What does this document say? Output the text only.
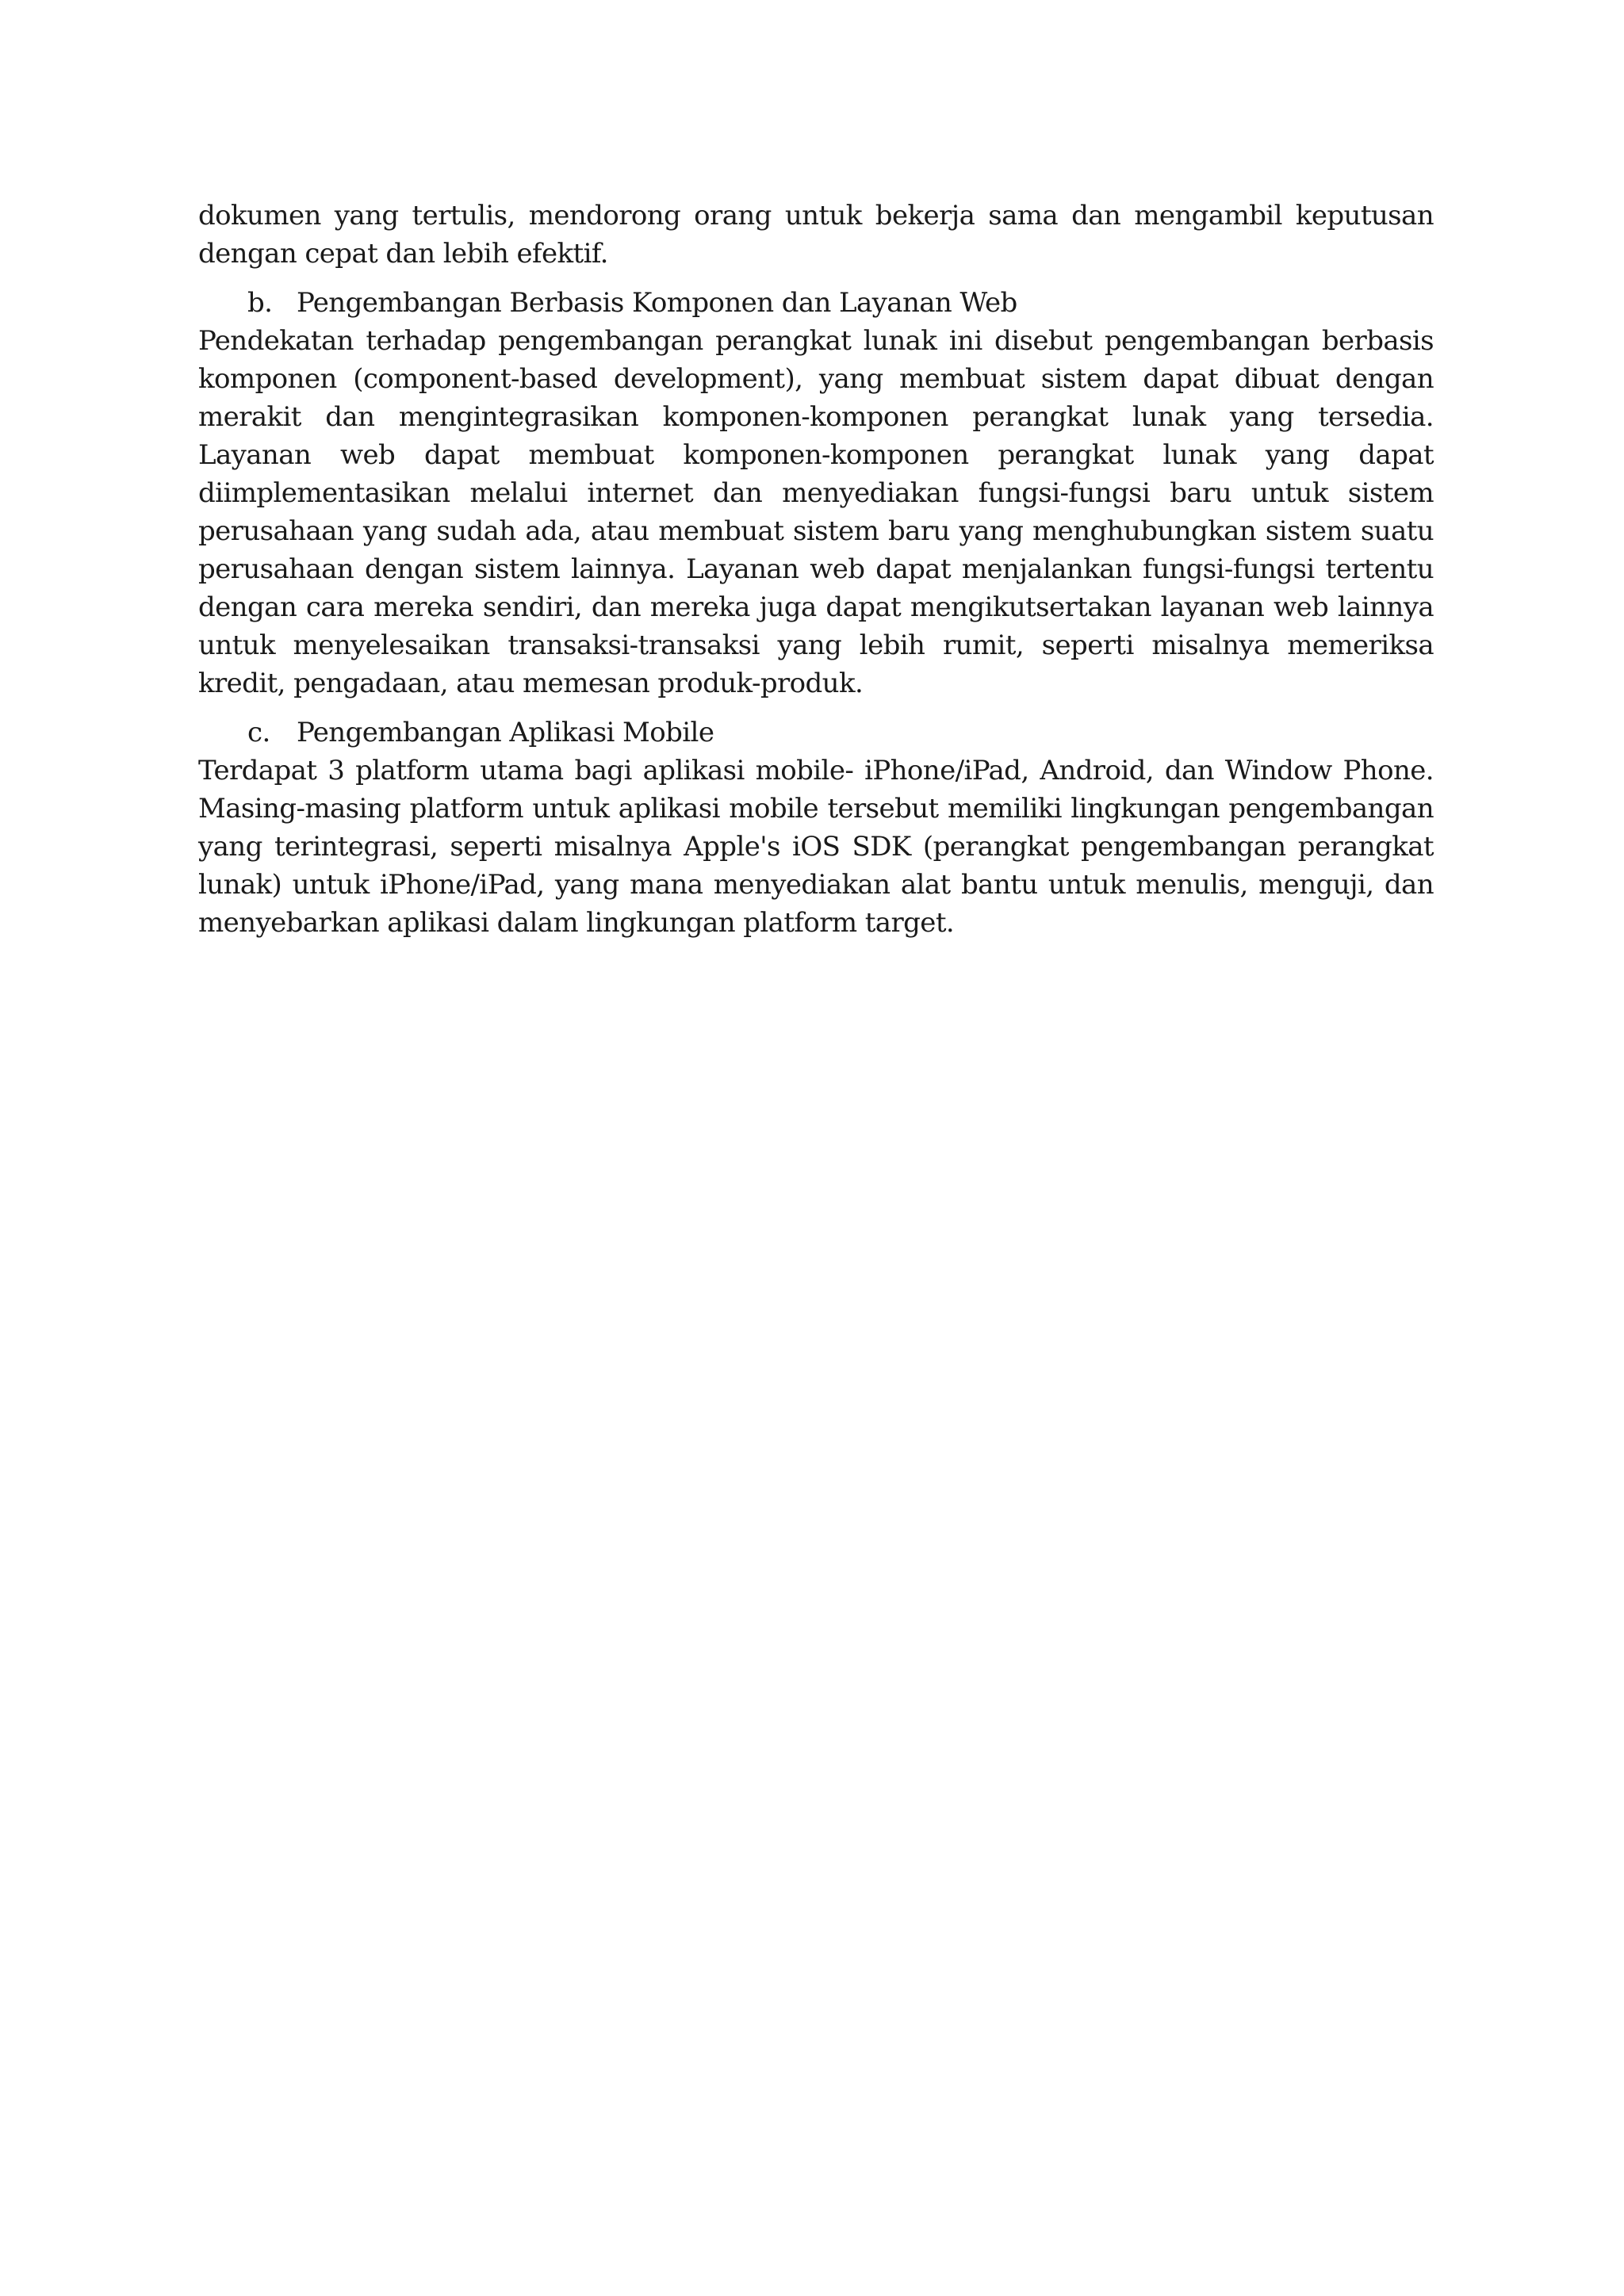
dokumen yang tertulis, mendorong orang untuk bekerja sama dan mengambil keputusan dengan cepat dan lebih efektif.

b. Pengembangan Berbasis Komponen dan Layanan Web

Pendekatan terhadap pengembangan perangkat lunak ini disebut pengembangan berbasis komponen (component-based development), yang membuat sistem dapat dibuat dengan merakit dan mengintegrasikan komponen-komponen perangkat lunak yang tersedia. Layanan web dapat membuat komponen-komponen perangkat lunak yang dapat diimplementasikan melalui internet dan menyediakan fungsi-fungsi baru untuk sistem perusahaan yang sudah ada, atau membuat sistem baru yang menghubungkan sistem suatu perusahaan dengan sistem lainnya. Layanan web dapat menjalankan fungsi-fungsi tertentu dengan cara mereka sendiri, dan mereka juga dapat mengikutsertakan layanan web lainnya untuk menyelesaikan transaksi-transaksi yang lebih rumit, seperti misalnya memeriksa kredit, pengadaan, atau memesan produk-produk.

c. Pengembangan Aplikasi Mobile

Terdapat 3 platform utama bagi aplikasi mobile- iPhone/iPad, Android, dan Window Phone. Masing-masing platform untuk aplikasi mobile tersebut memiliki lingkungan pengembangan yang terintegrasi, seperti misalnya Apple's iOS SDK (perangkat pengembangan perangkat lunak) untuk iPhone/iPad, yang mana menyediakan alat bantu untuk menulis, menguji, dan menyebarkan aplikasi dalam lingkungan platform target.
